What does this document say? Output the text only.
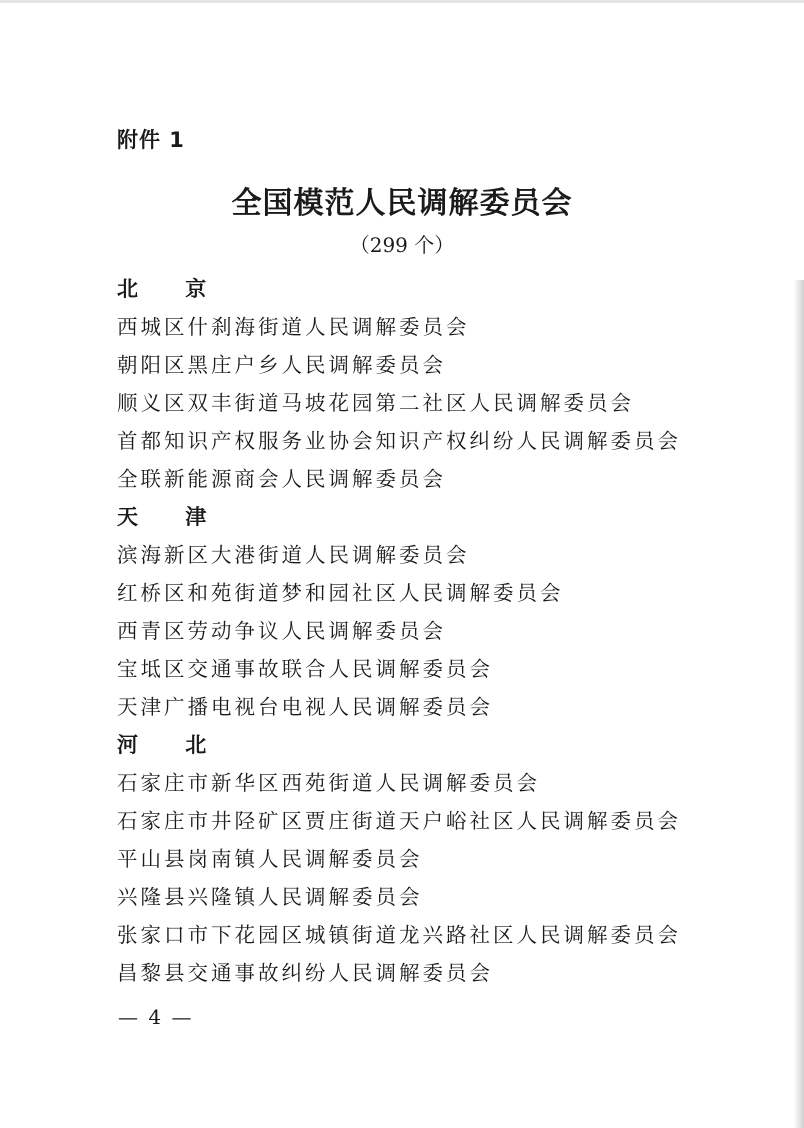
附件 1
全国模范人民调解委员会
（299 个）
北 京
西城区什刹海街道人民调解委员会
朝阳区黑庄户乡人民调解委员会
顺义区双丰街道马坡花园第二社区人民调解委员会
首都知识产权服务业协会知识产权纠纷人民调解委员会
全联新能源商会人民调解委员会
天 津
滨海新区大港街道人民调解委员会
红桥区和苑街道梦和园社区人民调解委员会
西青区劳动争议人民调解委员会
宝坻区交通事故联合人民调解委员会
天津广播电视台电视人民调解委员会
河 北
石家庄市新华区西苑街道人民调解委员会
石家庄市井陉矿区贾庄街道天户峪社区人民调解委员会
平山县岗南镇人民调解委员会
兴隆县兴隆镇人民调解委员会
张家口市下花园区城镇街道龙兴路社区人民调解委员会
昌黎县交通事故纠纷人民调解委员会
— 4 —
